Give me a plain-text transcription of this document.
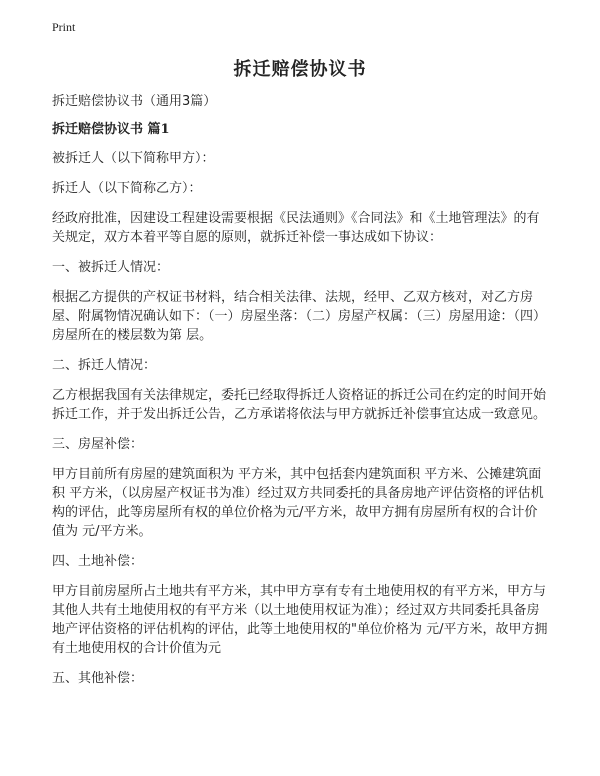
Print
拆迁赔偿协议书

拆迁赔偿协议书（通用3篇）

拆迁赔偿协议书 篇1

被拆迁人（以下简称甲方）：

拆迁人（以下简称乙方）：

经政府批准，因建设工程建设需要根据《民法通则》《合同法》和《土地管理法》的有关规定，双方本着平等自愿的原则，就拆迁补偿一事达成如下协议：

一、被拆迁人情况：

根据乙方提供的产权证书材料，结合相关法律、法规，经甲、乙双方核对，对乙方房屋、附属物情况确认如下：（一）房屋坐落：（二）房屋产权属：（三）房屋用途：（四）房屋所在的楼层数为第 层。

二、拆迁人情况：

乙方根据我国有关法律规定，委托已经取得拆迁人资格证的拆迁公司在约定的时间开始拆迁工作，并于发出拆迁公告，乙方承诺将依法与甲方就拆迁补偿事宜达成一致意见。

三、房屋补偿：

甲方目前所有房屋的建筑面积为 平方米，其中包括套内建筑面积 平方米、公摊建筑面积 平方米，（以房屋产权证书为准）经过双方共同委托的具备房地产评估资格的评估机构的评估，此等房屋所有权的单位价格为元/平方米，故甲方拥有房屋所有权的合计价值为 元/平方米。

四、土地补偿：

甲方目前房屋所占土地共有平方米，其中甲方享有专有土地使用权的有平方米，甲方与其他人共有土地使用权的有平方米（以土地使用权证为准）；经过双方共同委托具备房地产评估资格的评估机构的评估，此等土地使用权的"单位价格为 元/平方米，故甲方拥有土地使用权的合计价值为元

五、其他补偿：
